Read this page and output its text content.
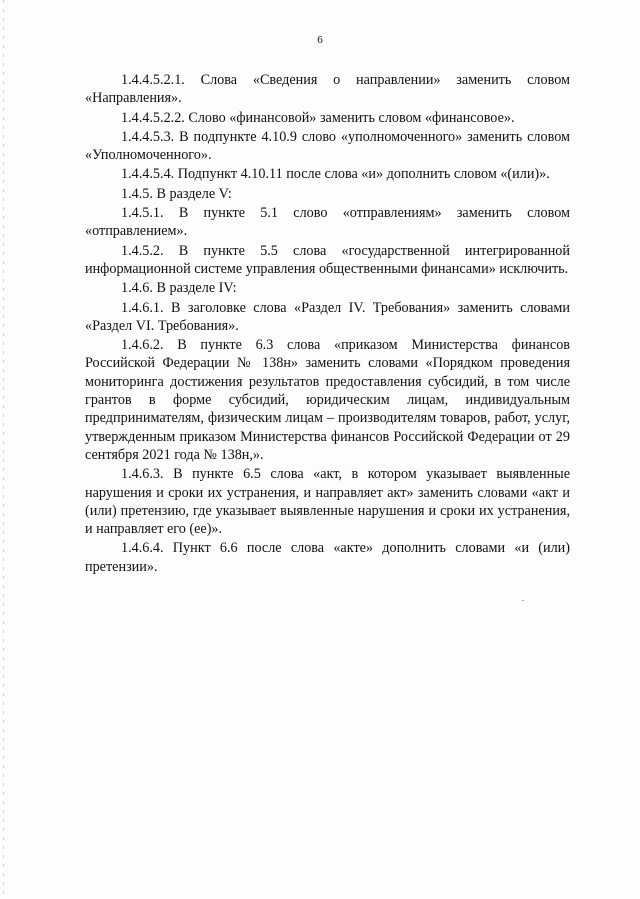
6

1.4.4.5.2.1. Слова «Сведения о направлении» заменить словом «Направления».

1.4.4.5.2.2. Слово «финансовой» заменить словом «финансовое».

1.4.4.5.3. В подпункте 4.10.9 слово «уполномоченного» заменить словом «Уполномоченного».

1.4.4.5.4. Подпункт 4.10.11 после слова «и» дополнить словом «(или)».

1.4.5. В разделе V:

1.4.5.1. В пункте 5.1 слово «отправлениям» заменить словом «отправлением».

1.4.5.2. В пункте 5.5 слова «государственной интегрированной информационной системе управления общественными финансами» исключить.

1.4.6. В разделе IV:

1.4.6.1. В заголовке слова «Раздел IV. Требования» заменить словами «Раздел VI. Требования».

1.4.6.2. В пункте 6.3 слова «приказом Министерства финансов Российской Федерации № 138н» заменить словами «Порядком проведения мониторинга достижения результатов предоставления субсидий, в том числе грантов в форме субсидий, юридическим лицам, индивидуальным предпринимателям, физическим лицам – производителям товаров, работ, услуг, утвержденным приказом Министерства финансов Российской Федерации от 29 сентября 2021 года № 138н,».

1.4.6.3. В пункте 6.5 слова «акт, в котором указывает выявленные нарушения и сроки их устранения, и направляет акт» заменить словами «акт и (или) претензию, где указывает выявленные нарушения и сроки их устранения, и направляет его (ее)».

1.4.6.4. Пункт 6.6 после слова «акте» дополнить словами «и (или) претензии».
